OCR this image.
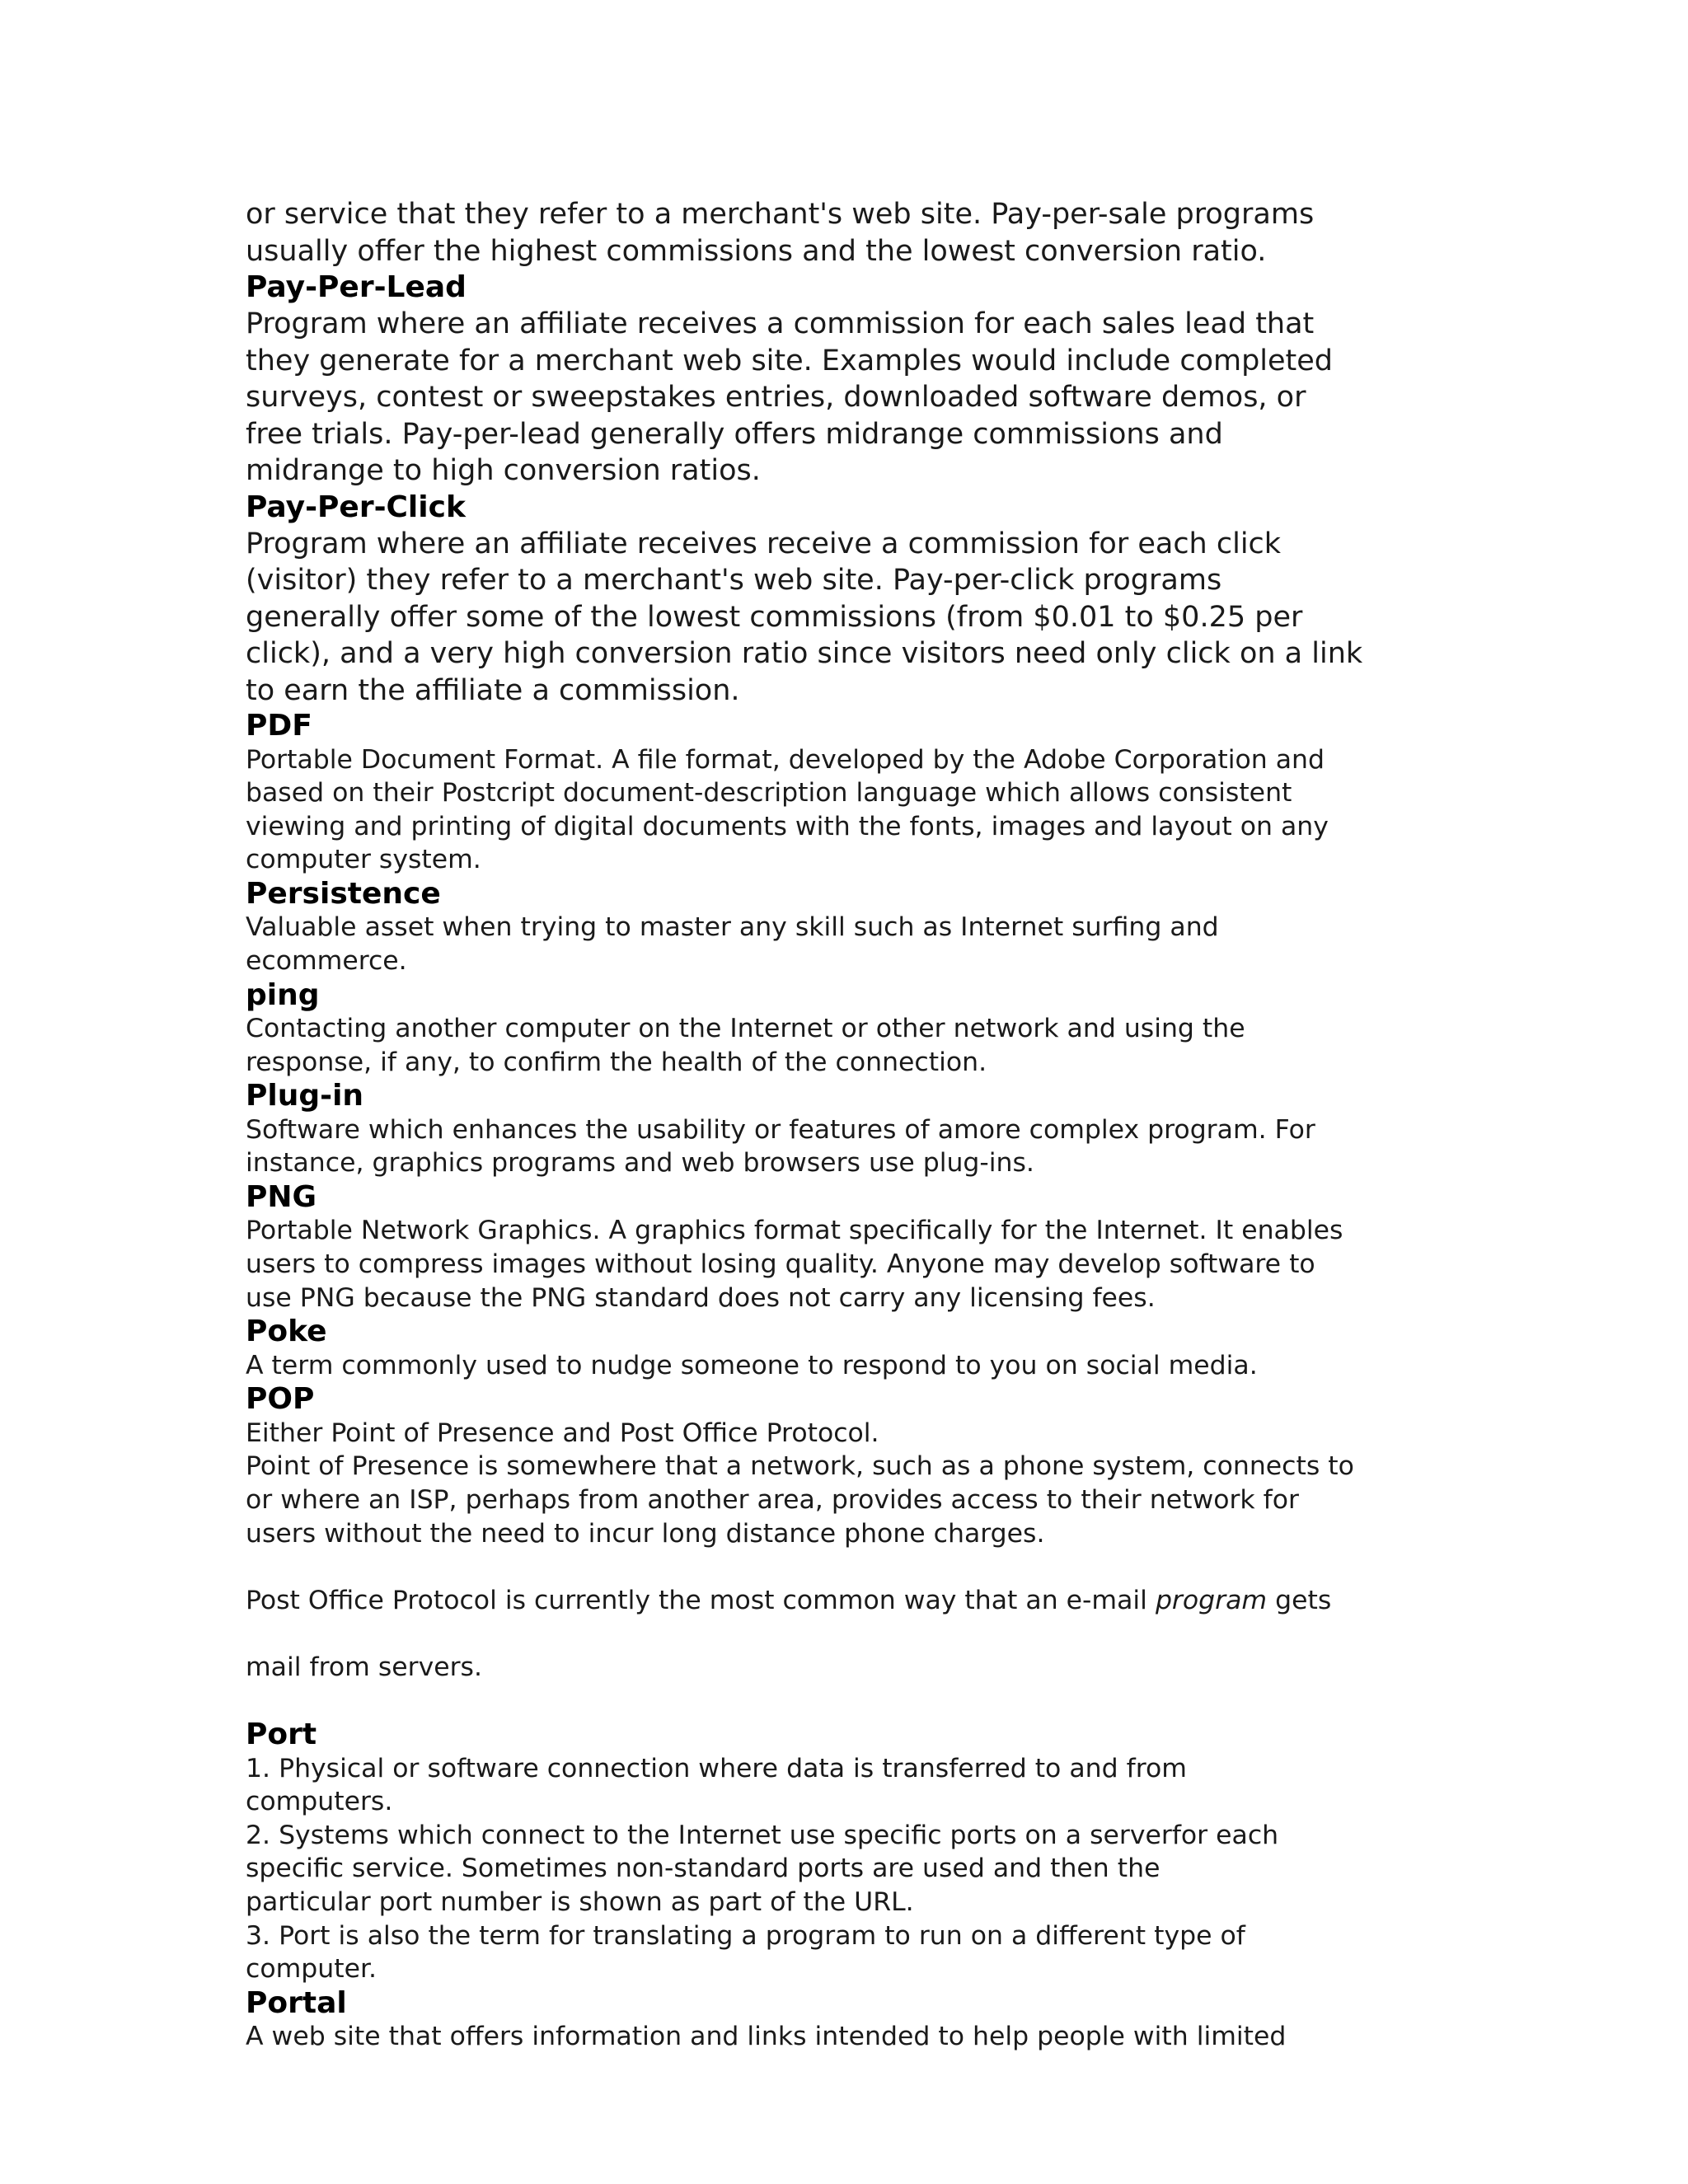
or service that they refer to a merchant's web site. Pay-per-sale programs
usually offer the highest commissions and the lowest conversion ratio.

Pay-Per-Lead

Program where an affiliate receives a commission for each sales lead that
they generate for a merchant web site. Examples would include completed
surveys, contest or sweepstakes entries, downloaded software demos, or
free trials. Pay-per-lead generally offers midrange commissions and
midrange to high conversion ratios.

Pay-Per-Click

Program where an affiliate receives receive a commission for each click
(visitor) they refer to a merchant's web site. Pay-per-click programs
generally offer some of the lowest commissions (from $0.01 to $0.25 per
click), and a very high conversion ratio since visitors need only click on a link
to earn the affiliate a commission.

PDF

Portable Document Format. A file format, developed by the Adobe Corporation and
based on their Postcript document-description language which allows consistent
viewing and printing of digital documents with the fonts, images and layout on any
computer system.

Persistence

Valuable asset when trying to master any skill such as Internet surfing and
ecommerce.

ping

Contacting another computer on the Internet or other network and using the
response, if any, to confirm the health of the connection.

Plug-in

Software which enhances the usability or features of amore complex program. For
instance, graphics programs and web browsers use plug-ins.

PNG

Portable Network Graphics. A graphics format specifically for the Internet. It enables
users to compress images without losing quality. Anyone may develop software to
use PNG because the PNG standard does not carry any licensing fees.

Poke

A term commonly used to nudge someone to respond to you on social media.

POP

Either Point of Presence and Post Office Protocol.

Point of Presence is somewhere that a network, such as a phone system, connects to
or where an ISP, perhaps from another area, provides access to their network for
users without the need to incur long distance phone charges.

Post Office Protocol is currently the most common way that an e-mail program gets

mail from servers.

Port

1. Physical or software connection where data is transferred to and from
computers.

2. Systems which connect to the Internet use specific ports on a serverfor each
specific service. Sometimes non-standard ports are used and then the
particular port number is shown as part of the URL.

3. Port is also the term for translating a program to run on a different type of
computer.

Portal

A web site that offers information and links intended to help people with limited
